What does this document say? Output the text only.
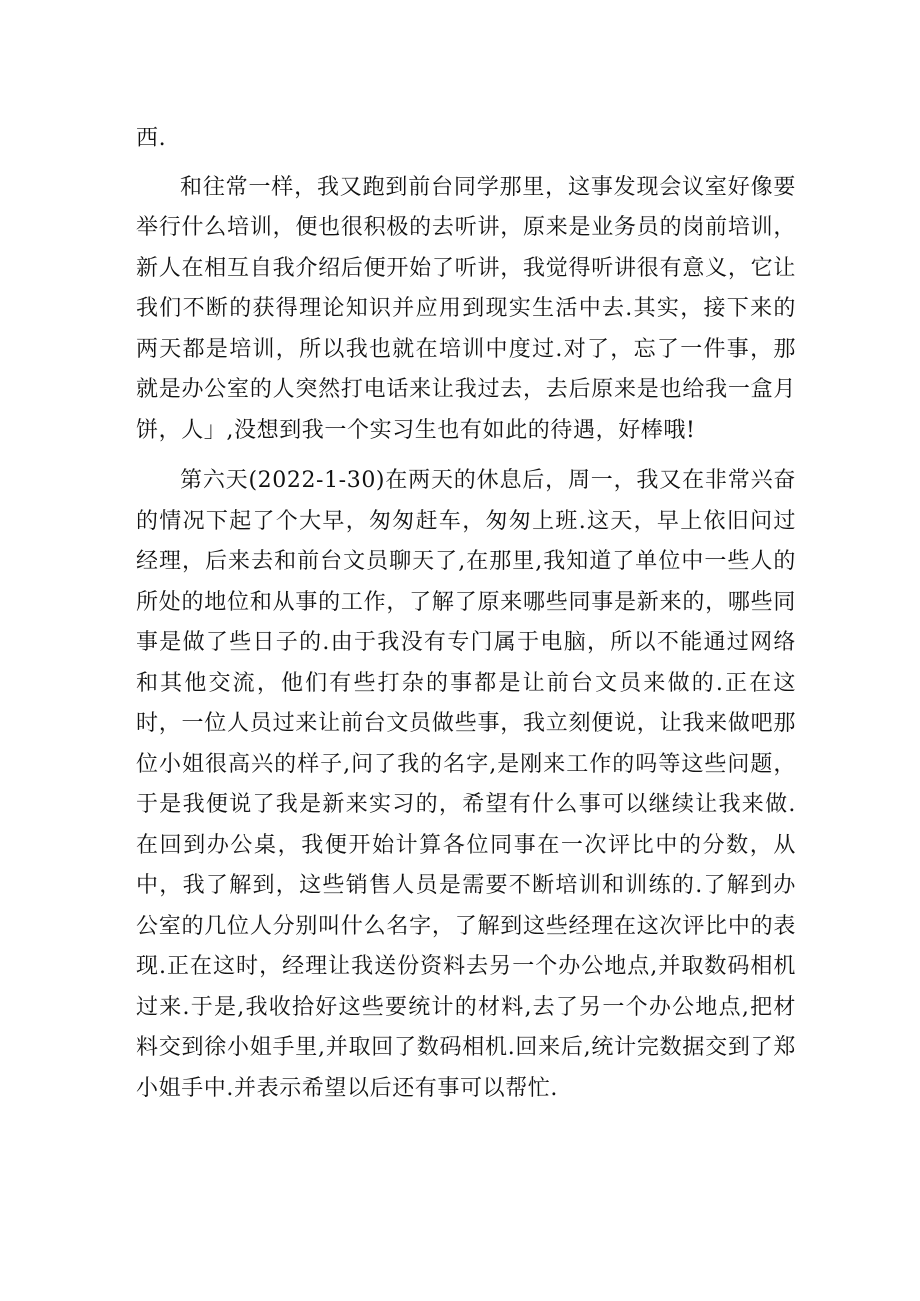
西.

和往常一样，我又跑到前台同学那里，这事发现会议室好像要举行什么培训，便也很积极的去听讲，原来是业务员的岗前培训，新人在相互自我介绍后便开始了听讲，我觉得听讲很有意义，它让我们不断的获得理论知识并应用到现实生活中去.其实，接下来的两天都是培训，所以我也就在培训中度过.对了，忘了一件事，那就是办公室的人突然打电话来让我过去，去后原来是也给我一盒月饼，人」,没想到我一个实习生也有如此的待遇，好棒哦!

第六天(2022-1-30)在两天的休息后，周一，我又在非常兴奋的情况下起了个大早，匆匆赶车，匆匆上班.这天，早上依旧问过经理，后来去和前台文员聊天了,在那里,我知道了单位中一些人的所处的地位和从事的工作，了解了原来哪些同事是新来的，哪些同事是做了些日子的.由于我没有专门属于电脑，所以不能通过网络和其他交流，他们有些打杂的事都是让前台文员来做的.正在这时，一位人员过来让前台文员做些事，我立刻便说，让我来做吧那位小姐很高兴的样子,问了我的名字,是刚来工作的吗等这些问题，于是我便说了我是新来实习的，希望有什么事可以继续让我来做.在回到办公桌，我便开始计算各位同事在一次评比中的分数，从中，我了解到，这些销售人员是需要不断培训和训练的.了解到办公室的几位人分别叫什么名字，了解到这些经理在这次评比中的表现.正在这时，经理让我送份资料去另一个办公地点,并取数码相机过来.于是,我收拾好这些要统计的材料,去了另一个办公地点,把材料交到徐小姐手里,并取回了数码相机.回来后,统计完数据交到了郑小姐手中.并表示希望以后还有事可以帮忙.
